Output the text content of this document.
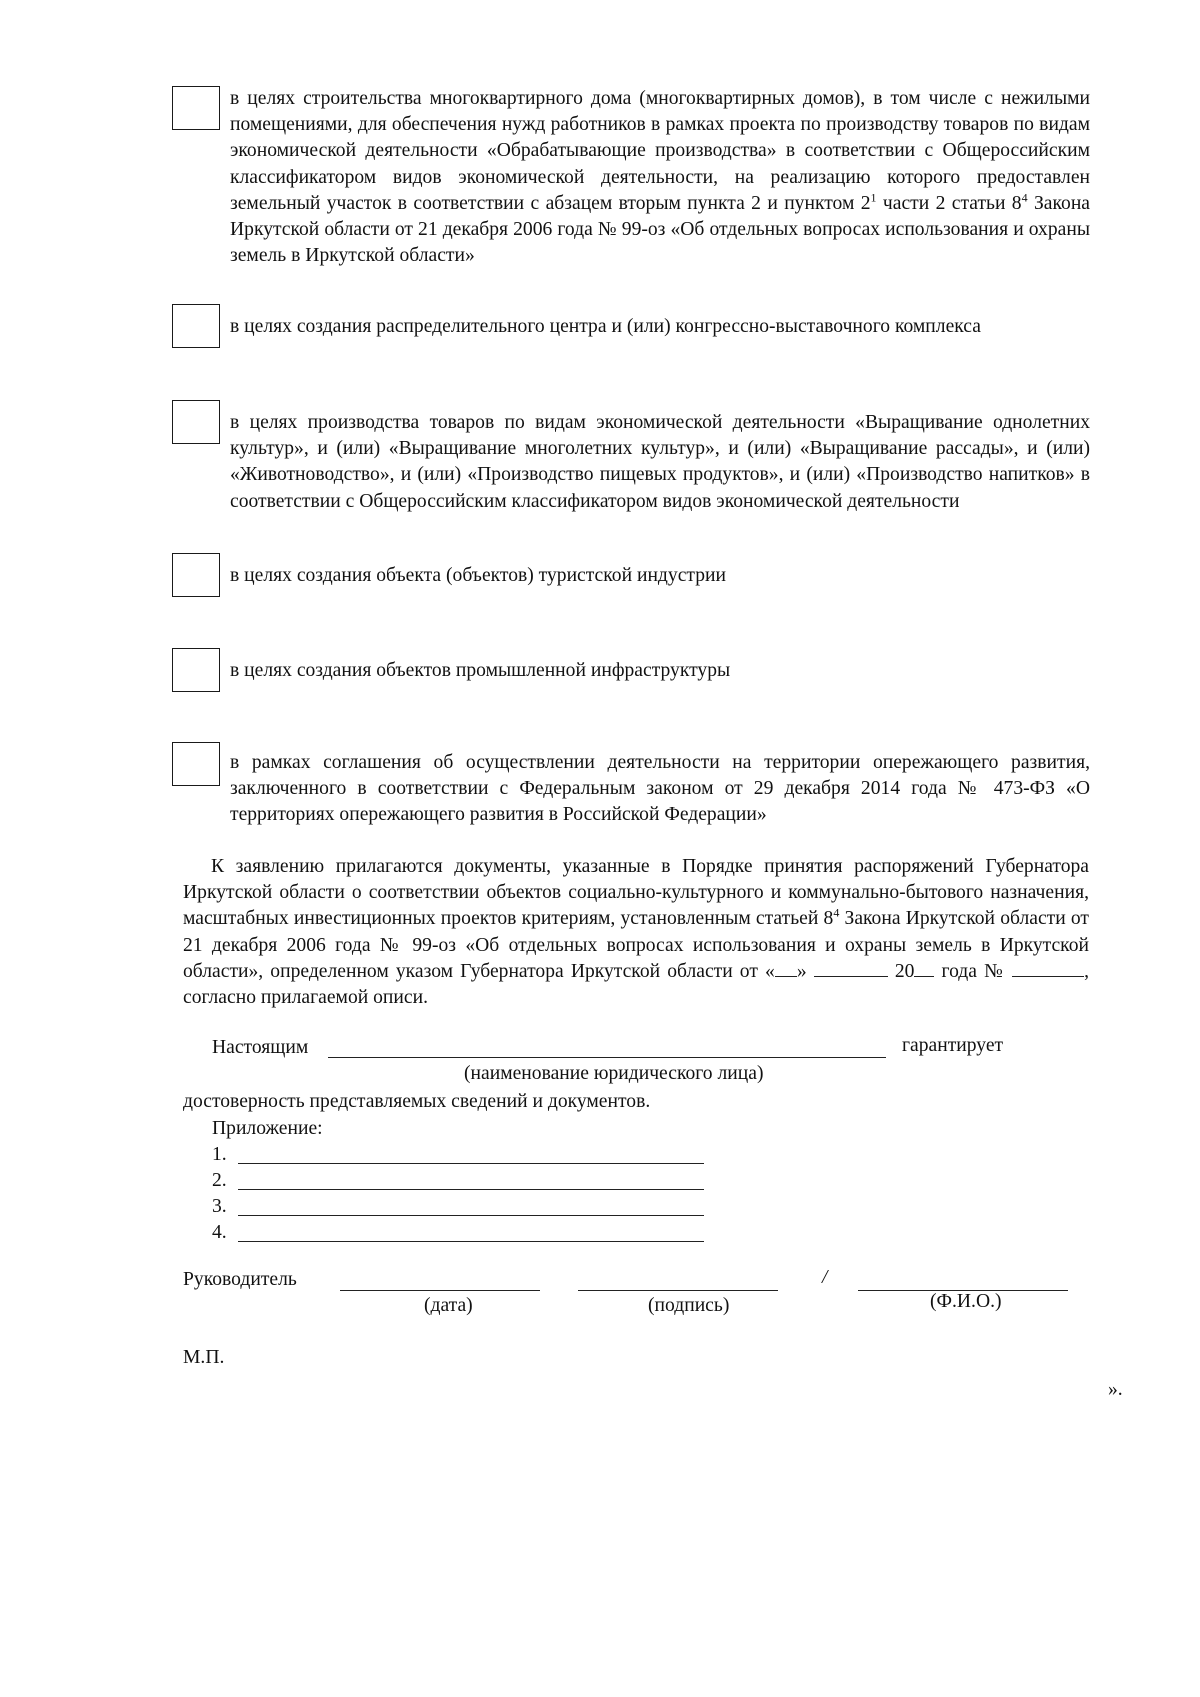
в целях строительства многоквартирного дома (многоквартирных домов), в том числе с нежилыми помещениями, для обеспечения нужд работников в рамках проекта по производству товаров по видам экономической деятельности «Обрабатывающие производства» в соответствии с Общероссийским классификатором видов экономической деятельности, на реализацию которого предоставлен земельный участок в соответствии с абзацем вторым пункта 2 и пунктом $2^1$ части 2 статьи $8^4$ Закона Иркутской области от 21 декабря 2006 года № 99-оз «Об отдельных вопросах использования и охраны земель в Иркутской области»
в целях создания распределительного центра и (или) конгрессно-выставочного комплекса
в целях производства товаров по видам экономической деятельности «Выращивание однолетних культур», и (или) «Выращивание многолетних культур», и (или) «Выращивание рассады», и (или) «Животноводство», и (или) «Производство пищевых продуктов», и (или) «Производство напитков» в соответствии с Общероссийским классификатором видов экономической деятельности
в целях создания объекта (объектов) туристской индустрии
в целях создания объектов промышленной инфраструктуры
в рамках соглашения об осуществлении деятельности на территории опережающего развития, заключенного в соответствии с Федеральным законом от 29 декабря 2014 года № 473-ФЗ «О территориях опережающего развития в Российской Федерации»
К заявлению прилагаются документы, указанные в Порядке принятия распоряжений Губернатора Иркутской области о соответствии объектов социально-культурного и коммунально-бытового назначения, масштабных инвестиционных проектов критериям, установленным статьей $8^4$ Закона Иркутской области от 21 декабря 2006 года № 99-оз «Об отдельных вопросах использования и охраны земель в Иркутской области», определенном указом Губернатора Иркутской области от « »	20 года №	, согласно прилагаемой описи.
Настоящим	гарантирует
(наименование юридического лица)
достоверность представляемых сведений и документов.
Приложение:
1.
2.
3.
4.
Руководитель	/
(дата)	(подпись)	(Ф.И.О.)
М.П.
».
